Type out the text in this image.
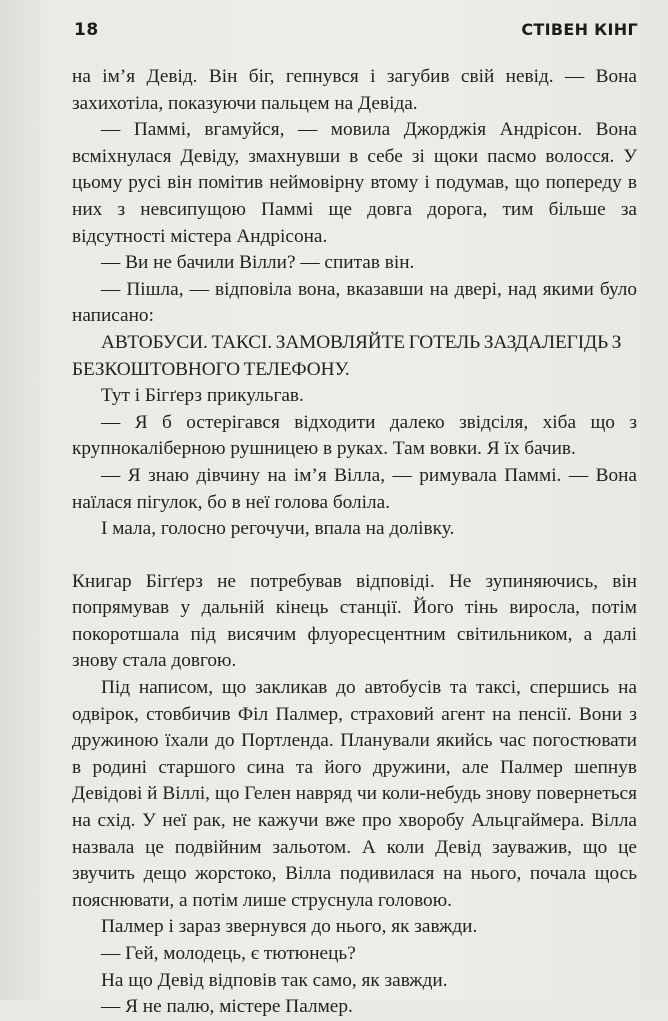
18	СТІВЕН КІНГ

на ім’я Девід. Він біг, гепнувся і загубив свій невід. — Вона захихотіла, показуючи пальцем на Девіда.

— Паммі, вгамуйся, — мовила Джорджія Андрісон. Вона всміхнулася Девіду, змахнувши в себе зі щоки пасмо волосся. У цьому русі він помітив неймовірну втому і подумав, що попереду в них з невсипущою Паммі ще довга дорога, тим більше за відсутності містера Андрісона.

— Ви не бачили Вілли? — спитав він.

— Пішла, — відповіла вона, вказавши на двері, над якими було написано:

АВТОБУСИ. ТАКСІ. ЗАМОВЛЯЙТЕ ГОТЕЛЬ ЗАЗДАЛЕГІДЬ З БЕЗКОШТОВНОГО ТЕЛЕФОНУ.

Тут і Бігґерз прикульгав.

— Я б остерігався відходити далеко звідсіля, хіба що з крупнокаліберною рушницею в руках. Там вовки. Я їх бачив.

— Я знаю дівчину на ім’я Вілла, — римувала Паммі. — Вона наїлася пігулок, бо в неї голова боліла.

І мала, голосно регочучи, впала на долівку.

Книгар Бігґерз не потребував відповіді. Не зупиняючись, він попрямував у дальній кінець станції. Його тінь виросла, потім покоротшала під висячим флуоресцентним світильником, а далі знову стала довгою.

Під написом, що закликав до автобусів та таксі, спершись на одвірок, стовбичив Філ Палмер, страховий агент на пенсії. Вони з дружиною їхали до Портленда. Планували якийсь час погостювати в родині старшого сина та його дружини, але Палмер шепнув Девідові й Віллі, що Гелен навряд чи коли-небудь знову повернеться на схід. У неї рак, не кажучи вже про хворобу Альцгаймера. Вілла назвала це подвійним зальотом. А коли Девід зауважив, що це звучить дещо жорстоко, Вілла подивилася на нього, почала щось пояснювати, а потім лише струснула головою.

Палмер і зараз звернувся до нього, як завжди.

— Гей, молодець, є тютюнець?

На що Девід відповів так само, як завжди.

— Я не палю, містере Палмер.
